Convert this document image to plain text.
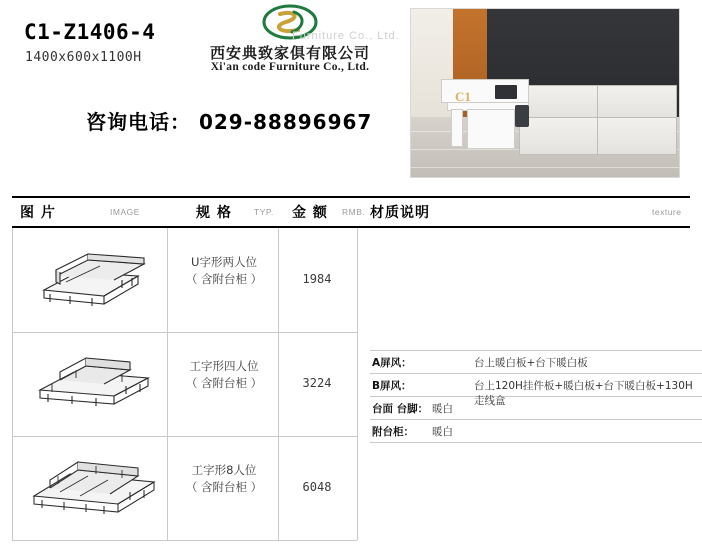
C1-Z1406-4
1400x600x1100H
咨询电话： 029-88896967
西安典致家俱有限公司
Xi'an code Furniture Co., Ltd.
Furniture Co., Ltd.
C1
图 片	IMAGE	规 格	TYP. 金 额 RMB. 材质说明	texture
U字形两人位
（ 含附台柜 ）	1984
工字形四人位
（ 含附台柜 ）	3224
工字形8人位
（ 含附台柜 ）	6048
A屏风：	台上暖白板+台下暖白板
B屏风：	台上120H挂件板+暖白板+台下暖白板+130H走线盒
台面 台脚： 暖白
附台柜： 暖白
